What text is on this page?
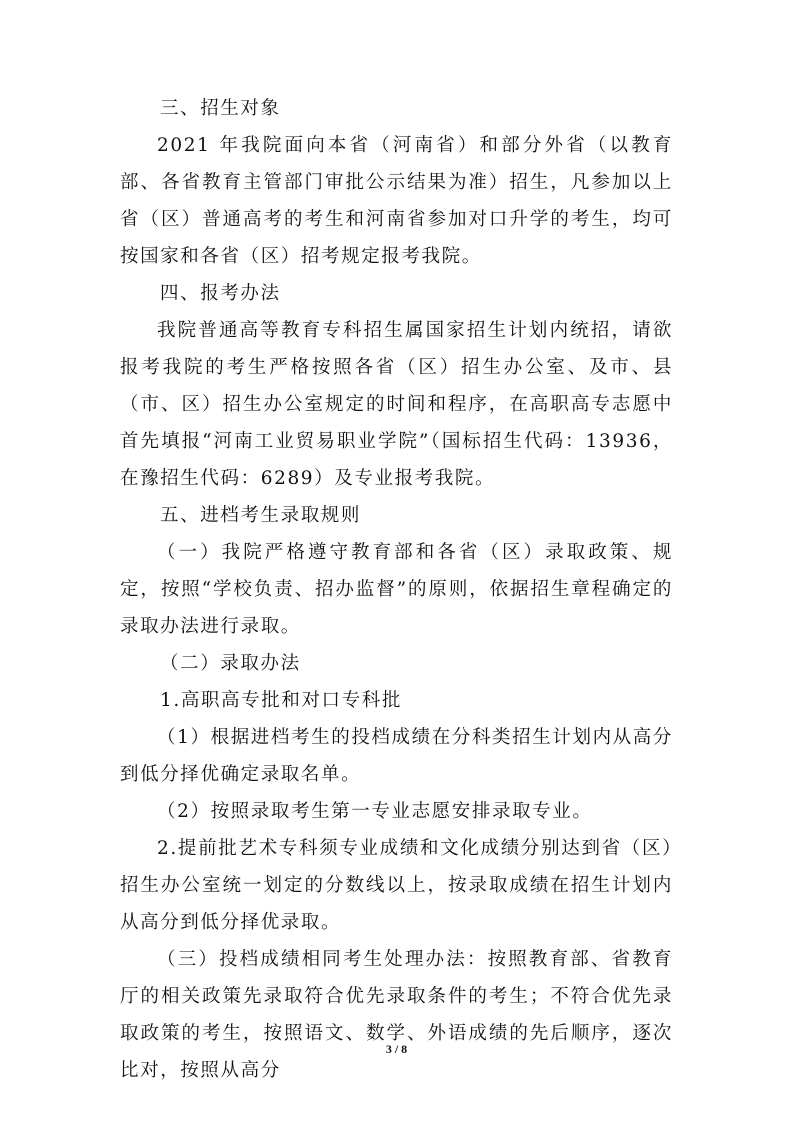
三、招生对象

2021 年我院面向本省（河南省）和部分外省（以教育部、各省教育主管部门审批公示结果为准）招生，凡参加以上省（区）普通高考的考生和河南省参加对口升学的考生，均可按国家和各省（区）招考规定报考我院。

四、报考办法

我院普通高等教育专科招生属国家招生计划内统招，请欲报考我院的考生严格按照各省（区）招生办公室、及市、县（市、区）招生办公室规定的时间和程序，在高职高专志愿中首先填报“河南工业贸易职业学院”（国标招生代码：13936，在豫招生代码：6289）及专业报考我院。

五、进档考生录取规则

（一）我院严格遵守教育部和各省（区）录取政策、规定，按照“学校负责、招办监督”的原则，依据招生章程确定的录取办法进行录取。

（二）录取办法

1.高职高专批和对口专科批

（1）根据进档考生的投档成绩在分科类招生计划内从高分到低分择优确定录取名单。

（2）按照录取考生第一专业志愿安排录取专业。

2.提前批艺术专科须专业成绩和文化成绩分别达到省（区）招生办公室统一划定的分数线以上，按录取成绩在招生计划内从高分到低分择优录取。

（三）投档成绩相同考生处理办法：按照教育部、省教育厅的相关政策先录取符合优先录取条件的考生；不符合优先录取政策的考生，按照语文、数学、外语成绩的先后顺序，逐次比对，按照从高分

3 / 8
